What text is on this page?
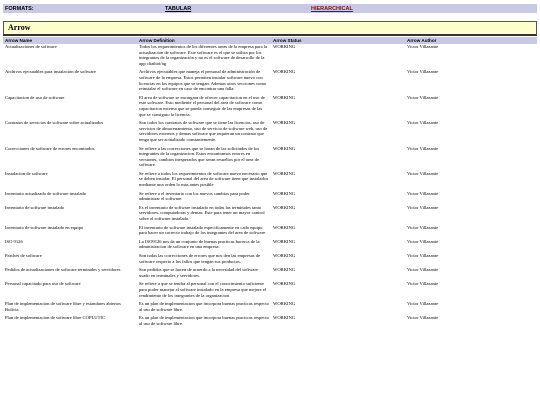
FORMATS:	TABULAR	HIERARCHICAL
Arrow
Arrow Name	Arrow Definition	Arrow Status	Arrow Author
Actualizaciones de software	Todos los requerimientos de los diferentes areas de la empresa para la actualizacion de software. Este software es el que se utiliza por los integrantes de la organización y no es el software de desarrollo de la app chatbot/ng	WORKING	Victor Villazante
Archivos ejecutables para instalación de software	Archivos ejecutables que maneja el personal de administración de software de la empresa. Estos permiten instalar software nuevo con licencias en los equipos que se tengan. Ademas otros secciones como reinstalar el software en caso de encontrar una falla.	WORKING	Victor Villazante
Capacitacion de uso de software	El area de software se encargara de ofrecer capacitacion en el uso de este software. Esto mediente el personal del area de software como capacitacion externa que se pueda conseguir de las empresas de las que se consiguio la licencia.	WORKING	Victor Villazante
Contratos de servicios de software sobre actualizados	Son todos los contratos de software que se tiene las licencias, aso de servicios de almacenamiento, uso de servicio de software web, uso de servidores externos y demas software que requieran un contrato que tenga que ser actualizado constantemente.	WORKING	Victor Villazante
Correcciones de software de errores encontrados	Se refiere a las correcciones que se haran de las solicitudes de los integrantes de la organizacion. Estos encontramos errores en versiones, cambios inesperados que seran resueltos por el area de software.	WORKING	Victor Villazante
Instalacion de software	Se refiere a todos los requerimientos de software nuevo necesario que se deben instalar. El personal del area de software tiene que instalarlos mediante una orden lo mas antes posible	WORKING	Victor Villazante
Inventario actualizado de software instalado	Se refiere a el inventario con los nuevos cambios para poder administrar el software.	WORKING	Victor Villazante
Inventario de software instalado	Es el inventario de software instalado en todas las terminales tanto servidores, computadoras y demas. Este para tener un mayor control sobre el software instalado.	WORKING	Victor Villazante
Inventario de software instalado en equipo	El inventario de software instalado especificamente en cada equipo para hacer un correcto trabajo de los integrantes del area de software.	WORKING	Victor Villazante
ISO 9126	La ISO9126 nos da un conjunto de buenas practicas hacerca de la administracion de software en una empresa.	WORKING	Victor Villazante
Parches de software	Son todas las correcciones de errores que nos den las empresas de software respecto a los fallos que tengan sus productos.	WORKING	Victor Villazante
Pedidos de actualizaciones de software terminales y servidores	Son pedidos que se hacen de acuerdo a la necesidad del software usado en terminales y servidores.	WORKING	Victor Villazante
Personal capacitado para uso de software	Se refiere a que se tendra al personal con el conocimiento suficiente para poder manejar el software instalado en la empresa que mejore el rendimiento de los integrantes de la organizacion	WORKING	Victor Villazante
Plan de implementacion de software libre y estandares abiertos Bolivia	Es un plan de implementacion que incorpora buenas practicas respecto al uso de software libre.	WORKING	Victor Villazante
Plan de implementacion de software libre COPLUTIC	Es un plan de implementacion que incorpora buenas practicas respecto al uso de software libre.	WORKING	Victor Villazante
